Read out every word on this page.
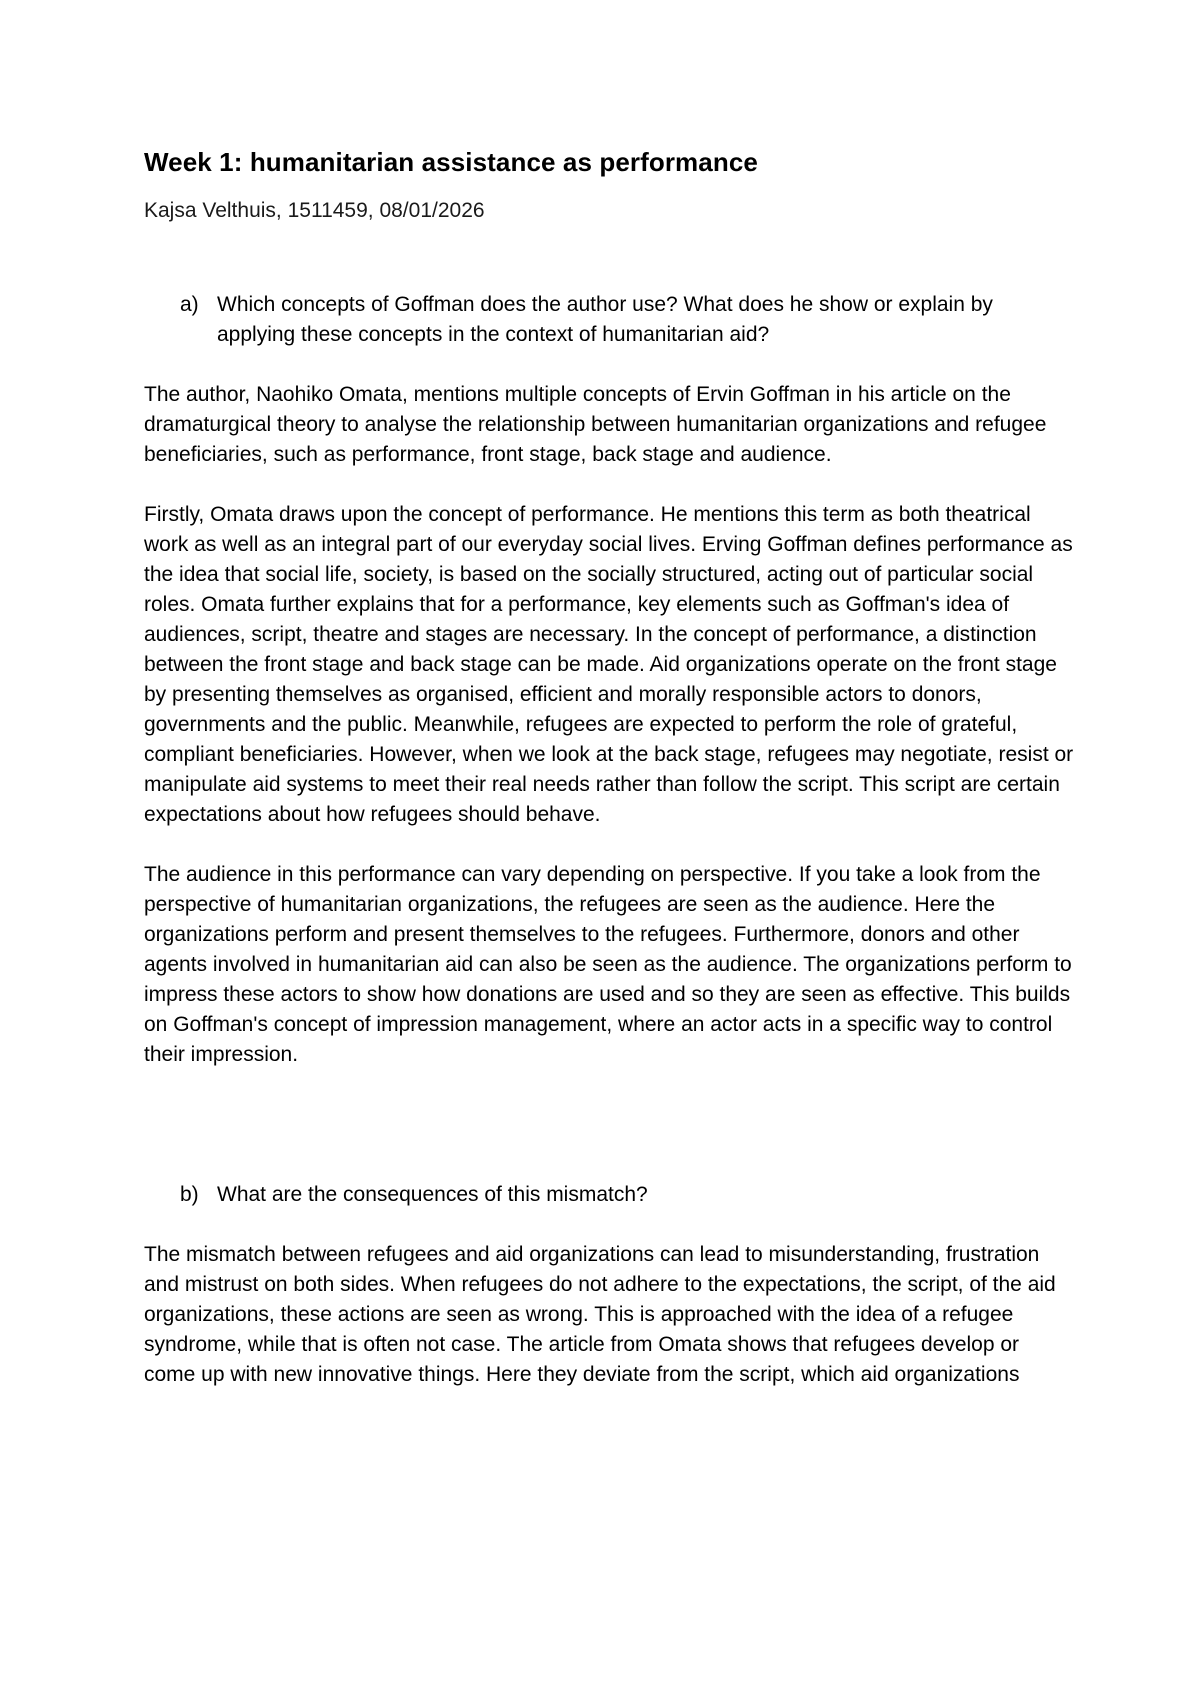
Week 1: humanitarian assistance as performance

Kajsa Velthuis, 1511459, 08/01/2026

a) Which concepts of Goffman does the author use? What does he show or explain by applying these concepts in the context of humanitarian aid?

The author, Naohiko Omata, mentions multiple concepts of Ervin Goffman in his article on the dramaturgical theory to analyse the relationship between humanitarian organizations and refugee beneficiaries, such as performance, front stage, back stage and audience.

Firstly, Omata draws upon the concept of performance. He mentions this term as both theatrical work as well as an integral part of our everyday social lives. Erving Goffman defines performance as the idea that social life, society, is based on the socially structured, acting out of particular social roles. Omata further explains that for a performance, key elements such as Goffman's idea of audiences, script, theatre and stages are necessary. In the concept of performance, a distinction between the front stage and back stage can be made. Aid organizations operate on the front stage by presenting themselves as organised, efficient and morally responsible actors to donors, governments and the public. Meanwhile, refugees are expected to perform the role of grateful, compliant beneficiaries. However, when we look at the back stage, refugees may negotiate, resist or manipulate aid systems to meet their real needs rather than follow the script. This script are certain expectations about how refugees should behave.

The audience in this performance can vary depending on perspective. If you take a look from the perspective of humanitarian organizations, the refugees are seen as the audience. Here the organizations perform and present themselves to the refugees. Furthermore, donors and other agents involved in humanitarian aid can also be seen as the audience. The organizations perform to impress these actors to show how donations are used and so they are seen as effective. This builds on Goffman's concept of impression management, where an actor acts in a specific way to control their impression.

b) What are the consequences of this mismatch?

The mismatch between refugees and aid organizations can lead to misunderstanding, frustration and mistrust on both sides. When refugees do not adhere to the expectations, the script, of the aid organizations, these actions are seen as wrong. This is approached with the idea of a refugee syndrome, while that is often not case. The article from Omata shows that refugees develop or come up with new innovative things. Here they deviate from the script, which aid organizations
